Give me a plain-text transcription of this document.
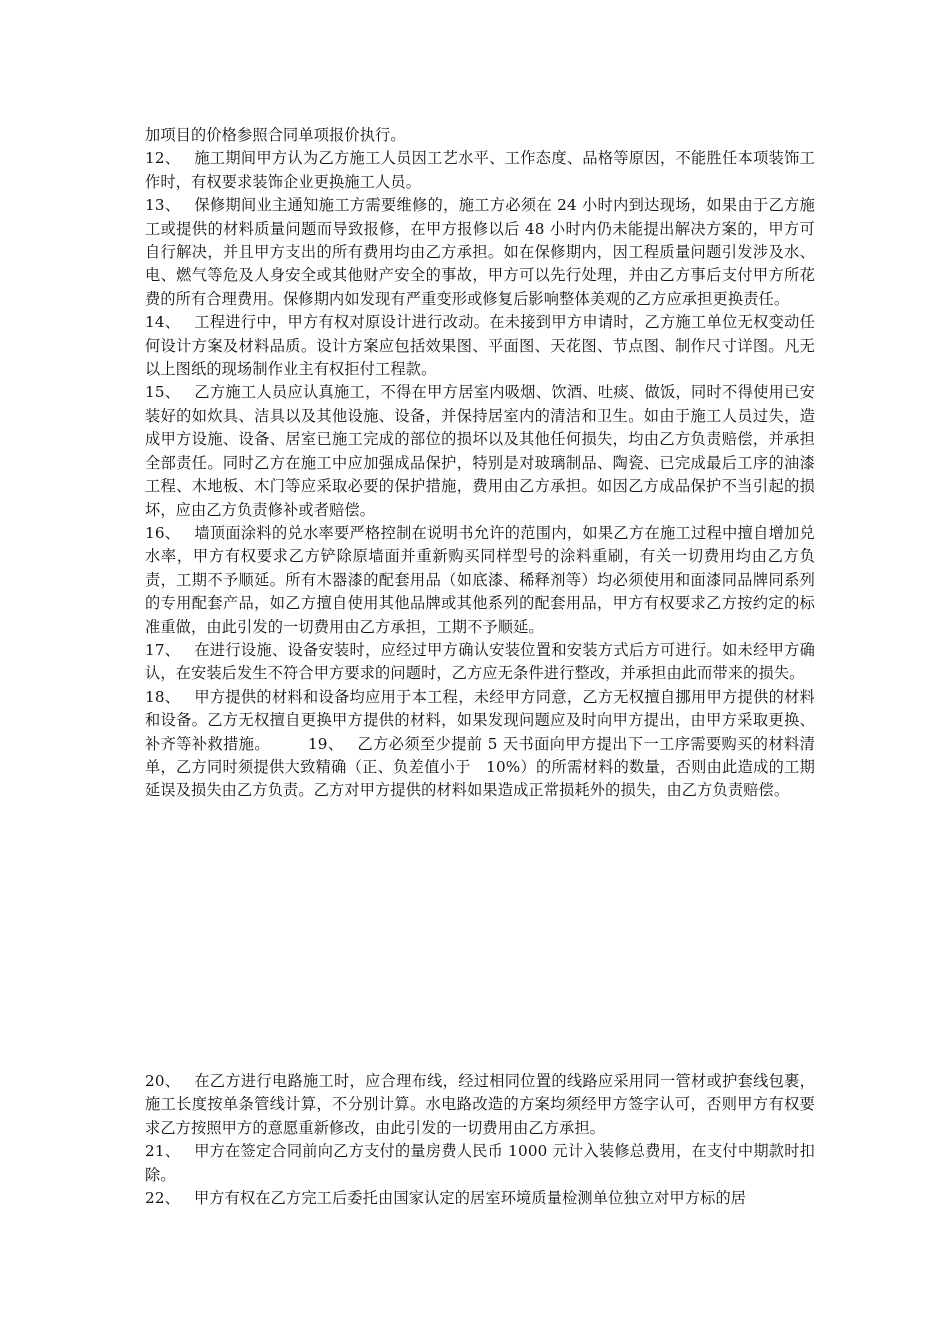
加项目的价格参照合同单项报价执行。

12、 施工期间甲方认为乙方施工人员因工艺水平、工作态度、品格等原因，不能胜任本项装饰工作时，有权要求装饰企业更换施工人员。

13、 保修期间业主通知施工方需要维修的，施工方必须在 24 小时内到达现场，如果由于乙方施工或提供的材料质量问题而导致报修，在甲方报修以后 48 小时内仍未能提出解决方案的，甲方可自行解决，并且甲方支出的所有费用均由乙方承担。如在保修期内，因工程质量问题引发涉及水、电、燃气等危及人身安全或其他财产安全的事故，甲方可以先行处理，并由乙方事后支付甲方所花费的所有合理费用。保修期内如发现有严重变形或修复后影响整体美观的乙方应承担更换责任。

14、 工程进行中，甲方有权对原设计进行改动。在未接到甲方申请时，乙方施工单位无权变动任何设计方案及材料品质。设计方案应包括效果图、平面图、天花图、节点图、制作尺寸详图。凡无以上图纸的现场制作业主有权拒付工程款。

15、 乙方施工人员应认真施工，不得在甲方居室内吸烟、饮酒、吐痰、做饭，同时不得使用已安装好的如炊具、洁具以及其他设施、设备，并保持居室内的清洁和卫生。如由于施工人员过失，造成甲方设施、设备、居室已施工完成的部位的损坏以及其他任何损失，均由乙方负责赔偿，并承担全部责任。同时乙方在施工中应加强成品保护，特别是对玻璃制品、陶瓷、已完成最后工序的油漆工程、木地板、木门等应采取必要的保护措施，费用由乙方承担。如因乙方成品保护不当引起的损坏，应由乙方负责修补或者赔偿。

16、 墙顶面涂料的兑水率要严格控制在说明书允许的范围内，如果乙方在施工过程中擅自增加兑水率，甲方有权要求乙方铲除原墙面并重新购买同样型号的涂料重刷，有关一切费用均由乙方负责，工期不予顺延。所有木器漆的配套用品（如底漆、稀释剂等）均必须使用和面漆同品牌同系列的专用配套产品，如乙方擅自使用其他品牌或其他系列的配套用品，甲方有权要求乙方按约定的标准重做，由此引发的一切费用由乙方承担，工期不予顺延。

17、 在进行设施、设备安装时，应经过甲方确认安装位置和安装方式后方可进行。如未经甲方确认，在安装后发生不符合甲方要求的问题时，乙方应无条件进行整改，并承担由此而带来的损失。

18、 甲方提供的材料和设备均应用于本工程，未经甲方同意，乙方无权擅自挪用甲方提供的材料和设备。乙方无权擅自更换甲方提供的材料，如果发现问题应及时向甲方提出，由甲方采取更换、补齐等补救措施。	19、 乙方必须至少提前 5 天书面向甲方提出下一工序需要购买的材料清单，乙方同时须提供大致精确（正、负差值小于　10%）的所需材料的数量，否则由此造成的工期延误及损失由乙方负责。乙方对甲方提供的材料如果造成正常损耗外的损失，由乙方负责赔偿。

20、 在乙方进行电路施工时，应合理布线，经过相同位置的线路应采用同一管材或护套线包裹，施工长度按单条管线计算，不分别计算。水电路改造的方案均须经甲方签字认可，否则甲方有权要求乙方按照甲方的意愿重新修改，由此引发的一切费用由乙方承担。

21、 甲方在签定合同前向乙方支付的量房费人民币 1000 元计入装修总费用，在支付中期款时扣除。

22、 甲方有权在乙方完工后委托由国家认定的居室环境质量检测单位独立对甲方标的居
